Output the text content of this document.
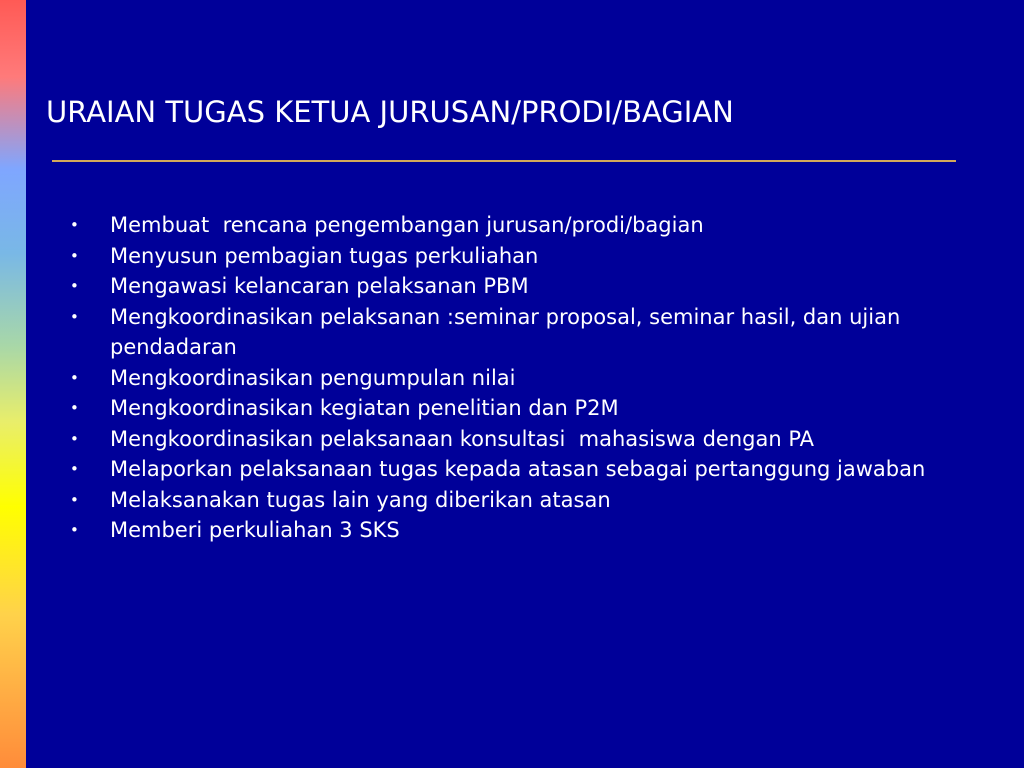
URAIAN TUGAS KETUA JURUSAN/PRODI/BAGIAN
• Membuat  rencana pengembangan jurusan/prodi/bagian
• Menyusun pembagian tugas perkuliahan
• Mengawasi kelancaran pelaksanan PBM
• Mengkoordinasikan pelaksanan :seminar proposal, seminar hasil, dan ujian pendadaran
• Mengkoordinasikan pengumpulan nilai
• Mengkoordinasikan kegiatan penelitian dan P2M
• Mengkoordinasikan pelaksanaan konsultasi  mahasiswa dengan PA
• Melaporkan pelaksanaan tugas kepada atasan sebagai pertanggung jawaban
• Melaksanakan tugas lain yang diberikan atasan
• Memberi perkuliahan 3 SKS
